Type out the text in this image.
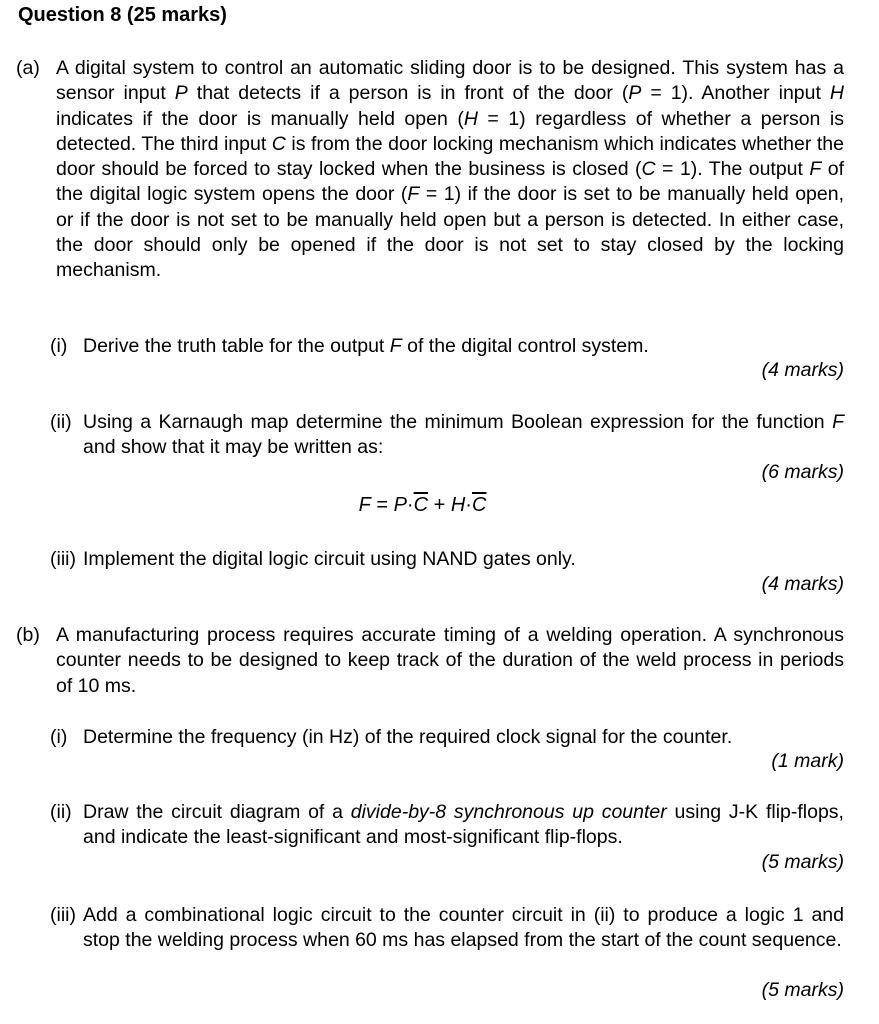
Question 8 (25 marks)
(a) A digital system to control an automatic sliding door is to be designed. This system has a sensor input P that detects if a person is in front of the door (P = 1). Another input H indicates if the door is manually held open (H = 1) regardless of whether a person is detected. The third input C is from the door locking mechanism which indicates whether the door should be forced to stay locked when the business is closed (C = 1). The output F of the digital logic system opens the door (F = 1) if the door is set to be manually held open, or if the door is not set to be manually held open but a person is detected. In either case, the door should only be opened if the door is not set to stay closed by the locking mechanism.
(i) Derive the truth table for the output F of the digital control system.
(4 marks)
(ii) Using a Karnaugh map determine the minimum Boolean expression for the function F and show that it may be written as:
(6 marks)
$F = P\cdot\overline{C} + H\cdot\overline{C}$
(iii) Implement the digital logic circuit using NAND gates only.
(4 marks)
(b) A manufacturing process requires accurate timing of a welding operation. A synchronous counter needs to be designed to keep track of the duration of the weld process in periods of 10 ms.
(i) Determine the frequency (in Hz) of the required clock signal for the counter.
(1 mark)
(ii) Draw the circuit diagram of a divide-by-8 synchronous up counter using J-K flip-flops, and indicate the least-significant and most-significant flip-flops.
(5 marks)
(iii) Add a combinational logic circuit to the counter circuit in (ii) to produce a logic 1 and stop the welding process when 60 ms has elapsed from the start of the count sequence.
(5 marks)
